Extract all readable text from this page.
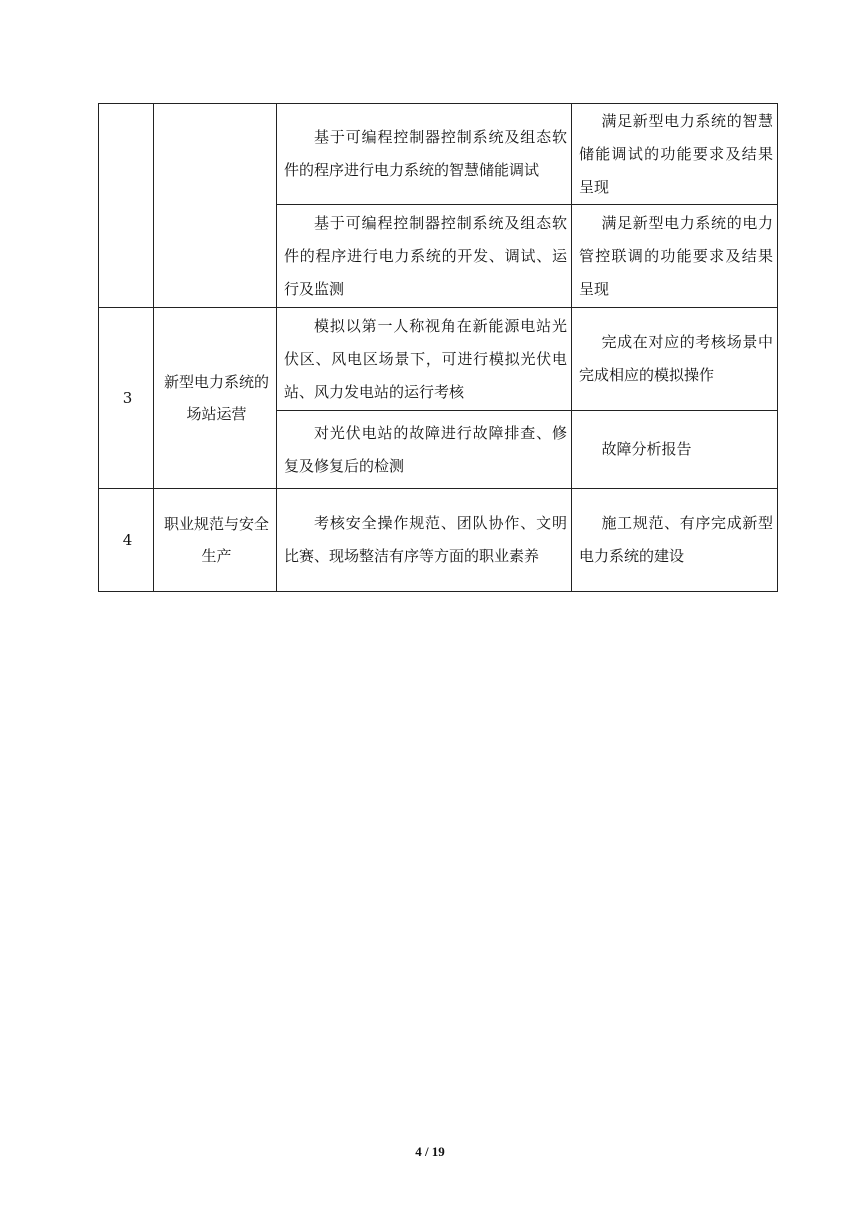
		基于可编程控制器控制系统及组态软件的程序进行电力系统的智慧储能调试	满足新型电力系统的智慧储能调试的功能要求及结果呈现

		基于可编程控制器控制系统及组态软件的程序进行电力系统的开发、调试、运行及监测	满足新型电力系统的电力管控联调的功能要求及结果呈现

3	新型电力系统的场站运营	模拟以第一人称视角在新能源电站光伏区、风电区场景下，可进行模拟光伏电站、风力发电站的运行考核	完成在对应的考核场景中完成相应的模拟操作

		对光伏电站的故障进行故障排查、修复及修复后的检测	故障分析报告

4	职业规范与安全生产	考核安全操作规范、团队协作、文明比赛、现场整洁有序等方面的职业素养	施工规范、有序完成新型电力系统的建设
4 / 19
